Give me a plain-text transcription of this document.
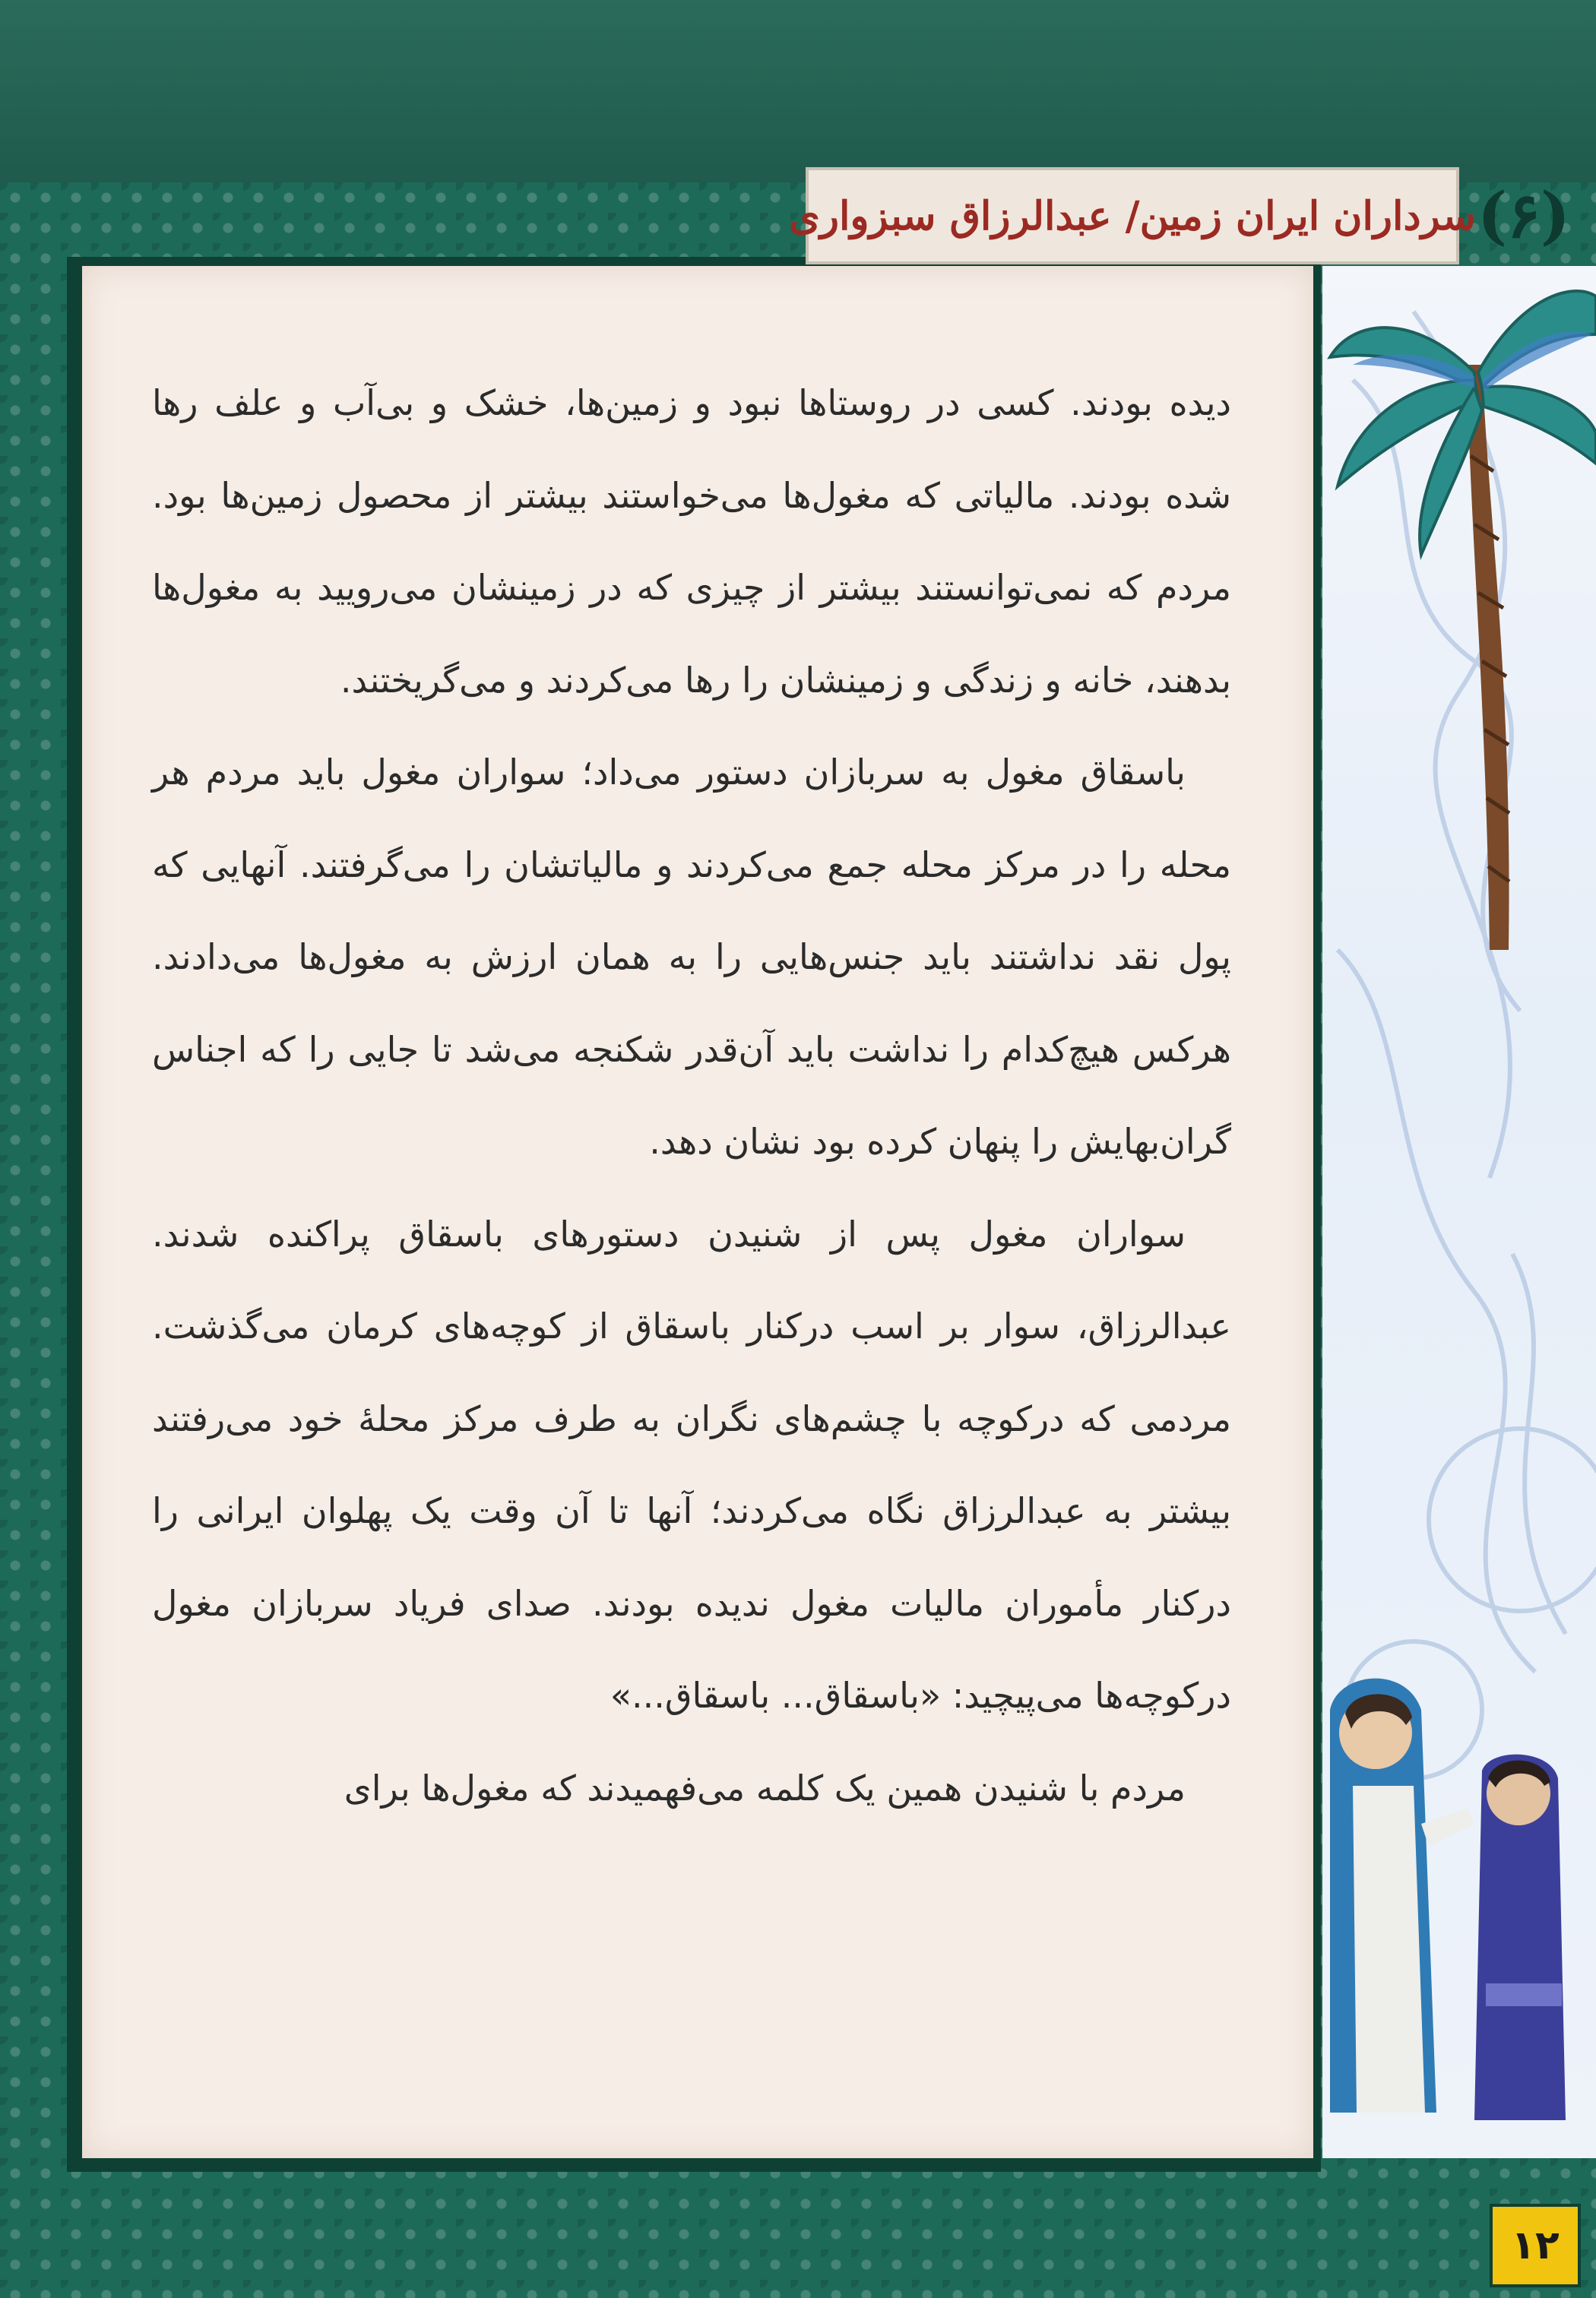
سرداران ایران زمین/ عبدالرزاق سبزواری (۶)

دیده بودند. کسی در روستاها نبود و زمین‌ها، خشک و بی‌آب و علف رها شده بودند. مالیاتی که مغول‌ها می‌خواستند بیشتر از محصول زمین‌ها بود. مردم که نمی‌توانستند بیشتر از چیزی که در زمینشان می‌رویید به مغول‌ها بدهند، خانه و زندگی و زمینشان را رها می‌کردند و می‌گریختند.

باسقاق مغول به سربازان دستور می‌داد؛ سواران مغول باید مردم هر محله را در مرکز محله جمع می‌کردند و مالیاتشان را می‌گرفتند. آنهایی که پول نقد نداشتند باید جنس‌هایی را به همان ارزش به مغول‌ها می‌دادند. هرکس هیچ‌کدام را نداشت باید آن‌قدر شکنجه می‌شد تا جایی را که اجناس گران‌بهایش را پنهان کرده بود نشان دهد.

سواران مغول پس از شنیدن دستورهای باسقاق پراکنده شدند. عبدالرزاق، سوار بر اسب درکنار باسقاق از کوچه‌های کرمان می‌گذشت. مردمی که درکوچه با چشم‌های نگران به طرف مرکز محلهٔ خود می‌رفتند بیشتر به عبدالرزاق نگاه می‌کردند؛ آنها تا آن وقت یک پهلوان ایرانی را درکنار مأموران مالیات مغول ندیده بودند. صدای فریاد سربازان مغول درکوچه‌ها می‌پیچید: «باسقاق... باسقاق...»

مردم با شنیدن همین یک کلمه می‌فهمیدند که مغول‌ها برای

۱۲
